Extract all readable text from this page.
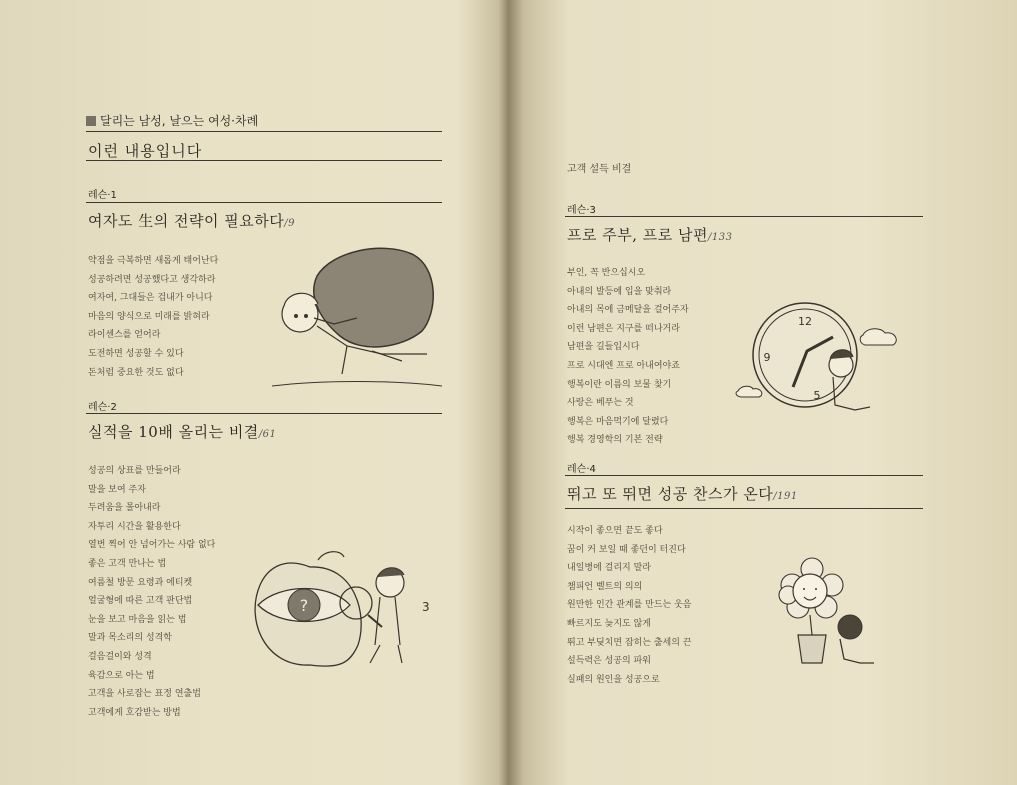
달리는 남성, 날으는 여성·차례
이런 내용입니다
레슨·1
여자도 生의 전략이 필요하다/9
약점을 극복하면 새롭게 태어난다
성공하려면 성공했다고 생각하라
여자여, 그대들은 겁내가 아니다
마음의 양식으로 미래를 밝혀라
라이센스를 얻어라
도전하면 성공할 수 있다
돈처럼 중요한 것도 없다
레슨·2
실적을 10배 올리는 비결/61
성공의 상표를 만들어라
말을 보여 주자
두려움을 몰아내라
자투리 시간을 활용한다
열번 찍어 안 넘어가는 사람 없다
좋은 고객 만나는 법
여름철 방문 요령과 에티켓
얼굴형에 따른 고객 판단법
눈을 보고 마음을 읽는 법
말과 목소리의 성격학
걸음걸이와 성격
육감으로 아는 법
고객을 사로잡는 표정 연출법
고객에게 호감받는 방법
?	3
고객 설득 비결
레슨·3
프로 주부, 프로 남편/133
부인, 꼭 반으십시오
아내의 발등에 입을 맞춰라
아내의 목에 금메달을 걸어주자
이런 남편은 지구를 떠나거라
남편을 길들입시다
프로 시대엔 프로 아내여야죠
행복이란 이름의 보물 찾기
사랑은 베푸는 것
행복은 마음먹기에 달렸다
행복 경영학의 기본 전략
12
9
5
레슨·4
뛰고 또 뛰면 성공 찬스가 온다/191
시작이 좋으면 끝도 좋다
꿈이 커 보일 때 좋던이 터진다
내일병에 걸리지 말라
챔피언 벨트의 의의
원만한 인간 관계를 만드는 웃음
빠르지도 늦지도 않게
뛰고 부딪치면 잡히는 출세의 끈
설득력은 성공의 파워
실패의 원인을 성공으로
